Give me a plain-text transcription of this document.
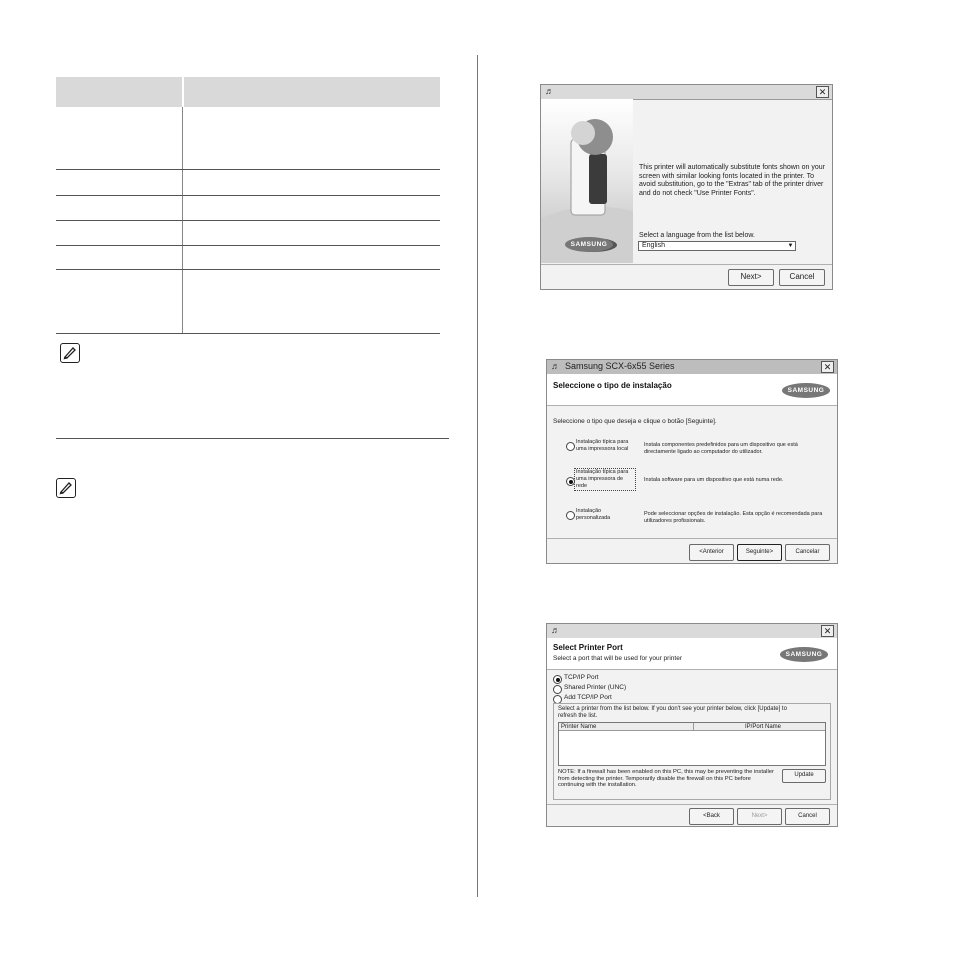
♬	✕
SAMSUNG
This printer will automatically substitute fonts shown on your screen with similar looking fonts located in the printer. To avoid substitution, go to the "Extras" tab of the printer driver and do not check "Use Printer Fonts".
Select a language from the list below.
English	▼
Next>	Cancel
♬ Samsung SCX-6x55 Series	✕
Seleccione o tipo de instalação
SAMSUNG
Seleccione o tipo que deseja e clique o botão [Seguinte].
Instalação típica para uma impressora local
Instala componentes predefinidos para um dispositivo que está directamente ligado ao computador do utilizador.
Instalação típica para uma impressora de rede
Instala software para um dispositivo que está numa rede.
Instalação personalizada
Pode seleccionar opções de instalação. Esta opção é recomendada para utilizadores profissionais.
<Anterior	Seguinte>	Cancelar
♬	✕
Select Printer Port
Select a port that will be used for your printer
SAMSUNG
TCP/IP Port
Shared Printer (UNC)
Add TCP/IP Port
Select a printer from the list below. If you don't see your printer below, click [Update] to refresh the list.
Printer Name	IP/Port Name
NOTE: If a firewall has been enabled on this PC, this may be preventing the installer from detecting the printer. Temporarily disable the firewall on this PC before continuing with the installation.
Update
<Back	Next>	Cancel
